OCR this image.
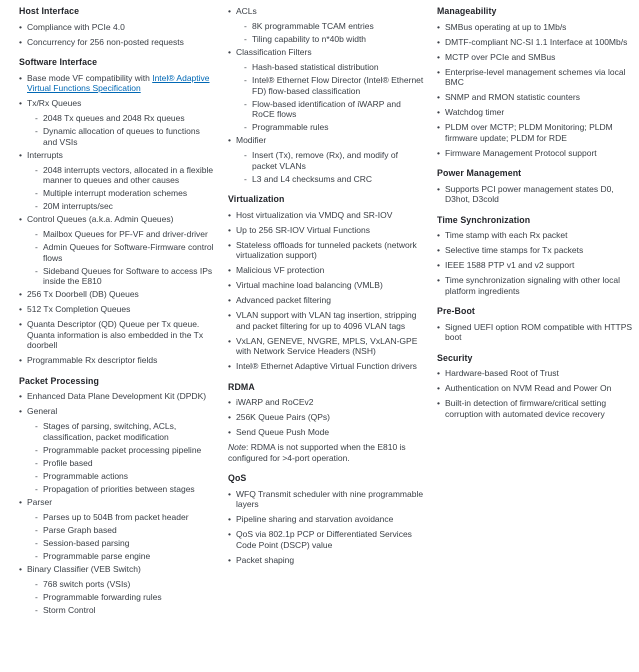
Host Interface
• Compliance with PCIe 4.0
• Concurrency for 256 non-posted requests
Software Interface
• Base mode VF compatibility with Intel® Adaptive Virtual Functions Specification
• Tx/Rx Queues
- 2048 Tx queues and 2048 Rx queues
- Dynamic allocation of queues to functions and VSIs
• Interrupts
- 2048 interrupts vectors, allocated in a flexible manner to queues and other causes
- Multiple interrupt moderation schemes
- 20M interrupts/sec
• Control Queues (a.k.a. Admin Queues)
- Mailbox Queues for PF-VF and driver-driver
- Admin Queues for Software-Firmware control flows
- Sideband Queues for Software to access IPs inside the E810
• 256 Tx Doorbell (DB) Queues
• 512 Tx Completion Queues
• Quanta Descriptor (QD) Queue per Tx queue. Quanta information is also embedded in the Tx doorbell
• Programmable Rx descriptor fields
Packet Processing
• Enhanced Data Plane Development Kit (DPDK)
• General
- Stages of parsing, switching, ACLs, classification, packet modification
- Programmable packet processing pipeline
- Profile based
- Programmable actions
- Propagation of priorities between stages
• Parser
- Parses up to 504B from packet header
- Parse Graph based
- Session-based parsing
- Programmable parse engine
• Binary Classifier (VEB Switch)
- 768 switch ports (VSIs)
- Programmable forwarding rules
- Storm Control
• ACLs
- 8K programmable TCAM entries
- Tiling capability to n*40b width
• Classification Filters
- Hash-based statistical distribution
- Intel® Ethernet Flow Director (Intel® Ethernet FD) flow-based classification
- Flow-based identification of iWARP and RoCE flows
- Programmable rules
• Modifier
- Insert (Tx), remove (Rx), and modify of packet VLANs
- L3 and L4 checksums and CRC
Virtualization
• Host virtualization via VMDQ and SR-IOV
• Up to 256 SR-IOV Virtual Functions
• Stateless offloads for tunneled packets (network virtualization support)
• Malicious VF protection
• Virtual machine load balancing (VMLB)
• Advanced packet filtering
• VLAN support with VLAN tag insertion, stripping and packet filtering for up to 4096 VLAN tags
• VxLAN, GENEVE, NVGRE, MPLS, VxLAN-GPE with Network Service Headers (NSH)
• Intel® Ethernet Adaptive Virtual Function drivers
RDMA
• iWARP and RoCEv2
• 256K Queue Pairs (QPs)
• Send Queue Push Mode
Note: RDMA is not supported when the E810 is configured for >4-port operation.
QoS
• WFQ Transmit scheduler with nine programmable layers
• Pipeline sharing and starvation avoidance
• QoS via 802.1p PCP or Differentiated Services Code Point (DSCP) value
• Packet shaping
Manageability
• SMBus operating at up to 1Mb/s
• DMTF-compliant NC-SI 1.1 Interface at 100Mb/s
• MCTP over PCIe and SMBus
• Enterprise-level management schemes via local BMC
• SNMP and RMON statistic counters
• Watchdog timer
• PLDM over MCTP; PLDM Monitoring; PLDM firmware update; PLDM for RDE
• Firmware Management Protocol support
Power Management
• Supports PCI power management states D0, D3hot, D3cold
Time Synchronization
• Time stamp with each Rx packet
• Selective time stamps for Tx packets
• IEEE 1588 PTP v1 and v2 support
• Time synchronization signaling with other local platform ingredients
Pre-Boot
• Signed UEFI option ROM compatible with HTTPS boot
Security
• Hardware-based Root of Trust
• Authentication on NVM Read and Power On
• Built-in detection of firmware/critical setting corruption with automated device recovery
